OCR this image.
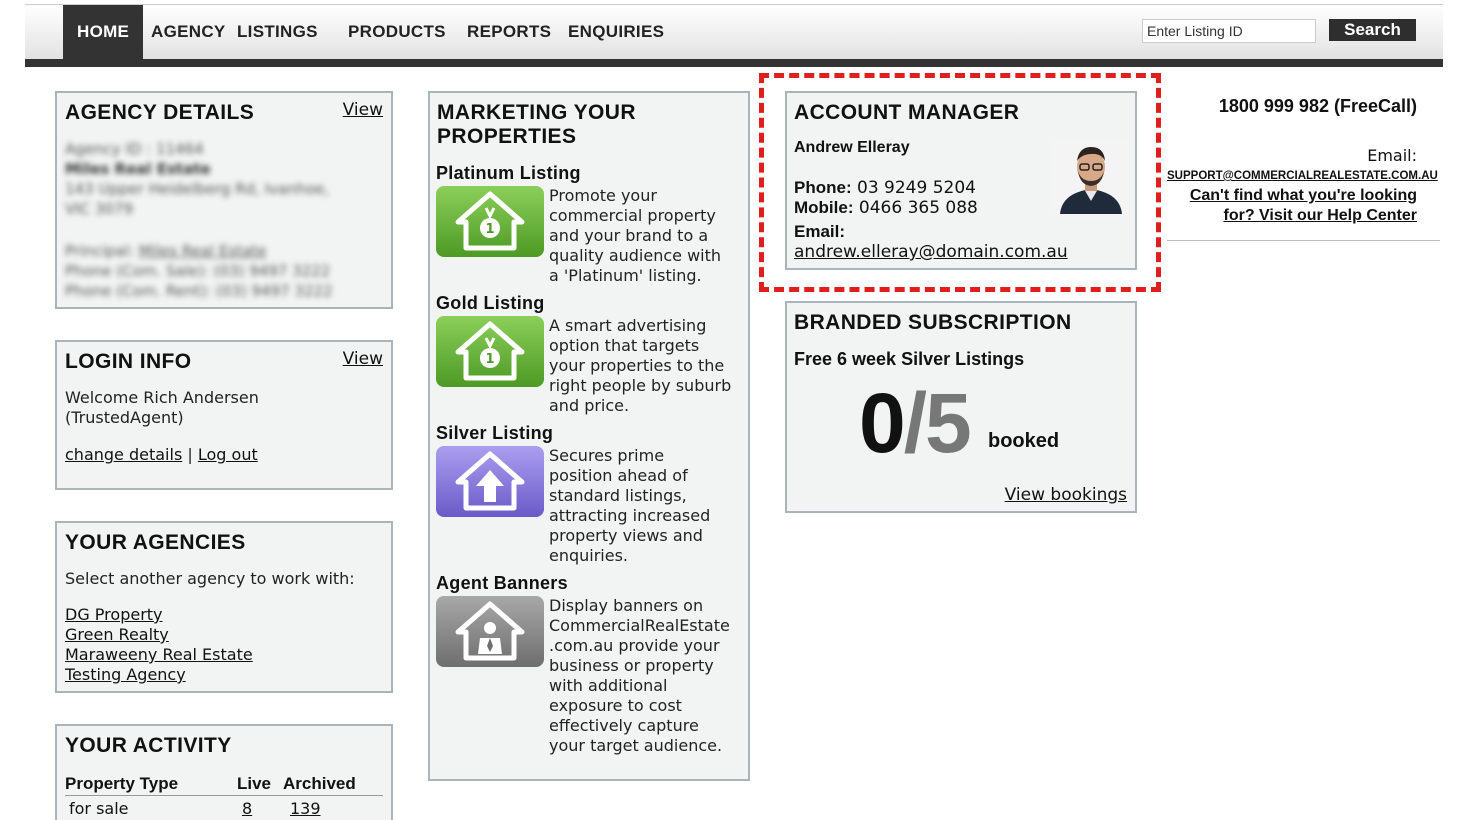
HOME	AGENCY LISTINGS PRODUCTS REPORTS ENQUIRIES
Enter Listing ID	Search
AGENCY DETAILS	View
Agency ID : 11464
Miles Real Estate
143 Upper Heidelberg Rd, Ivanhoe,
VIC 3079
Principal: Miles Real Estate
Phone (Com. Sale): (03) 9497 3222
Phone (Com. Rent): (03) 9497 3222
LOGIN INFO	View
Welcome Rich Andersen
(TrustedAgent)
change details | Log out
YOUR AGENCIES
Select another agency to work with:
DG Property
Green Realty
Maraweeny Real Estate
Testing Agency
YOUR ACTIVITY
Property Type	Live Archived
for sale	8 139
MARKETING YOUR
PROPERTIES
Platinum Listing
1
Promote your
commercial property
and your brand to a
quality audience with
a 'Platinum' listing.
Gold Listing
1
A smart advertising
option that targets
your properties to the
right people by suburb
and price.
Silver Listing
Secures prime
position ahead of
standard listings,
attracting increased
property views and
enquiries.
Agent Banners
Display banners on
CommercialRealEstate
.com.au provide your
business or property
with additional
exposure to cost
effectively capture
your target audience.
ACCOUNT MANAGER
Andrew Elleray
Phone: 03 9249 5204
Mobile: 0466 365 088
Email:
andrew.elleray@domain.com.au
BRANDED SUBSCRIPTION
Free 6 week Silver Listings
0/5 booked
View bookings
1800 999 982 (FreeCall)
Email:
SUPPORT@COMMERCIALREALESTATE.COM.AU
Can't find what you're looking
for? Visit our Help Center
